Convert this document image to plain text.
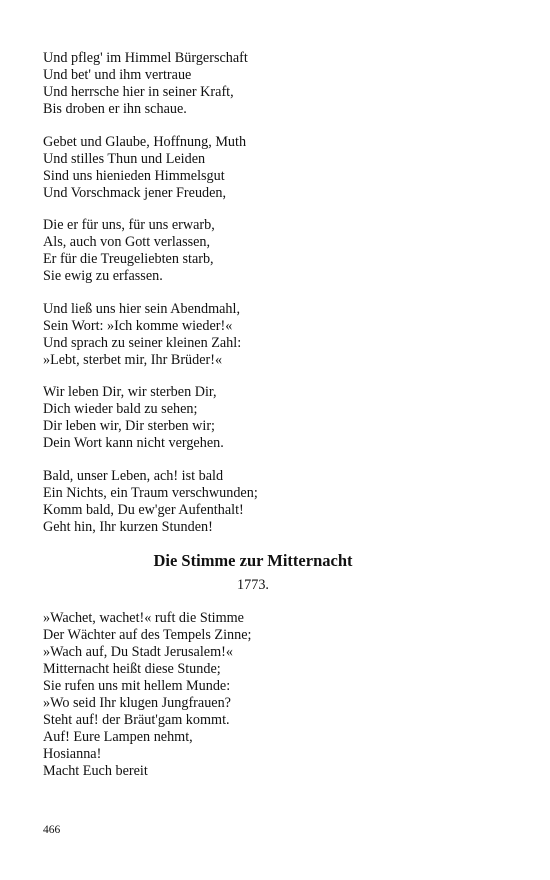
Und pfleg' im Himmel Bürgerschaft
Und bet' und ihm vertraue
Und herrsche hier in seiner Kraft,
Bis droben er ihn schaue.
Gebet und Glaube, Hoffnung, Muth
Und stilles Thun und Leiden
Sind uns hienieden Himmelsgut
Und Vorschmack jener Freuden,
Die er für uns, für uns erwarb,
Als, auch von Gott verlassen,
Er für die Treugeliebten starb,
Sie ewig zu erfassen.
Und ließ uns hier sein Abendmahl,
Sein Wort: »Ich komme wieder!«
Und sprach zu seiner kleinen Zahl:
»Lebt, sterbet mir, Ihr Brüder!«
Wir leben Dir, wir sterben Dir,
Dich wieder bald zu sehen;
Dir leben wir, Dir sterben wir;
Dein Wort kann nicht vergehen.
Bald, unser Leben, ach! ist bald
Ein Nichts, ein Traum verschwunden;
Komm bald, Du ew'ger Aufenthalt!
Geht hin, Ihr kurzen Stunden!
Die Stimme zur Mitternacht
1773.
»Wachet, wachet!« ruft die Stimme
Der Wächter auf des Tempels Zinne;
»Wach auf, Du Stadt Jerusalem!«
Mitternacht heißt diese Stunde;
Sie rufen uns mit hellem Munde:
»Wo seid Ihr klugen Jungfrauen?
Steht auf! der Bräut'gam kommt.
Auf! Eure Lampen nehmt,
Hosianna!
Macht Euch bereit
466
